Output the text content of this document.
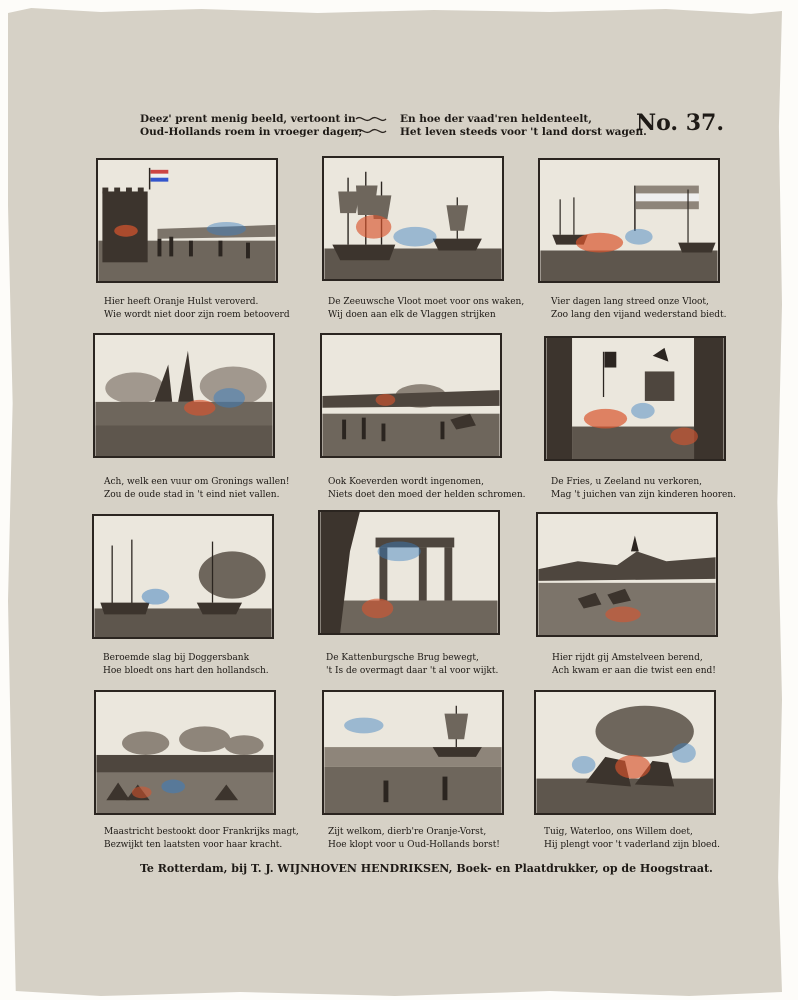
Deez' prent menig beeld, vertoont in
Oud-Hollands roem in vroeger dagen;
En hoe der vaad'ren heldenteelt,
Het leven steeds voor 't land dorst wagen.
No. 37.
Hier heeft Oranje Hulst veroverd.
Wie wordt niet door zijn roem betooverd
De Zeeuwsche Vloot moet voor ons waken,
Wij doen aan elk de Vlaggen strijken
Vier dagen lang streed onze Vloot,
Zoo lang den vijand wederstand biedt.
Ach, welk een vuur om Gronings wallen!
Zou de oude stad in 't eind niet vallen.
Ook Koeverden wordt ingenomen,
Niets doet den moed der helden schromen.
De Fries, u Zeeland nu verkoren,
Mag 't juichen van zijn kinderen hooren.
Beroemde slag bij Doggersbank
Hoe bloedt ons hart den hollandsch.
De Kattenburgsche Brug bewegt,
't Is de overmagt daar 't al voor wijkt.
Hier rijdt gij Amstelveen berend,
Ach kwam er aan die twist een end!
Maastricht bestookt door Frankrijks magt,
Bezwijkt ten laatsten voor haar kracht.
Zijt welkom, dierb're Oranje-Vorst,
Hoe klopt voor u Oud-Hollands borst!
Tuig, Waterloo, ons Willem doet,
Hij plengt voor 't vaderland zijn bloed.
Te Rotterdam, bij T. J. WIJNHOVEN HENDRIKSEN, Boek- en Plaatdrukker, op de Hoogstraat.
